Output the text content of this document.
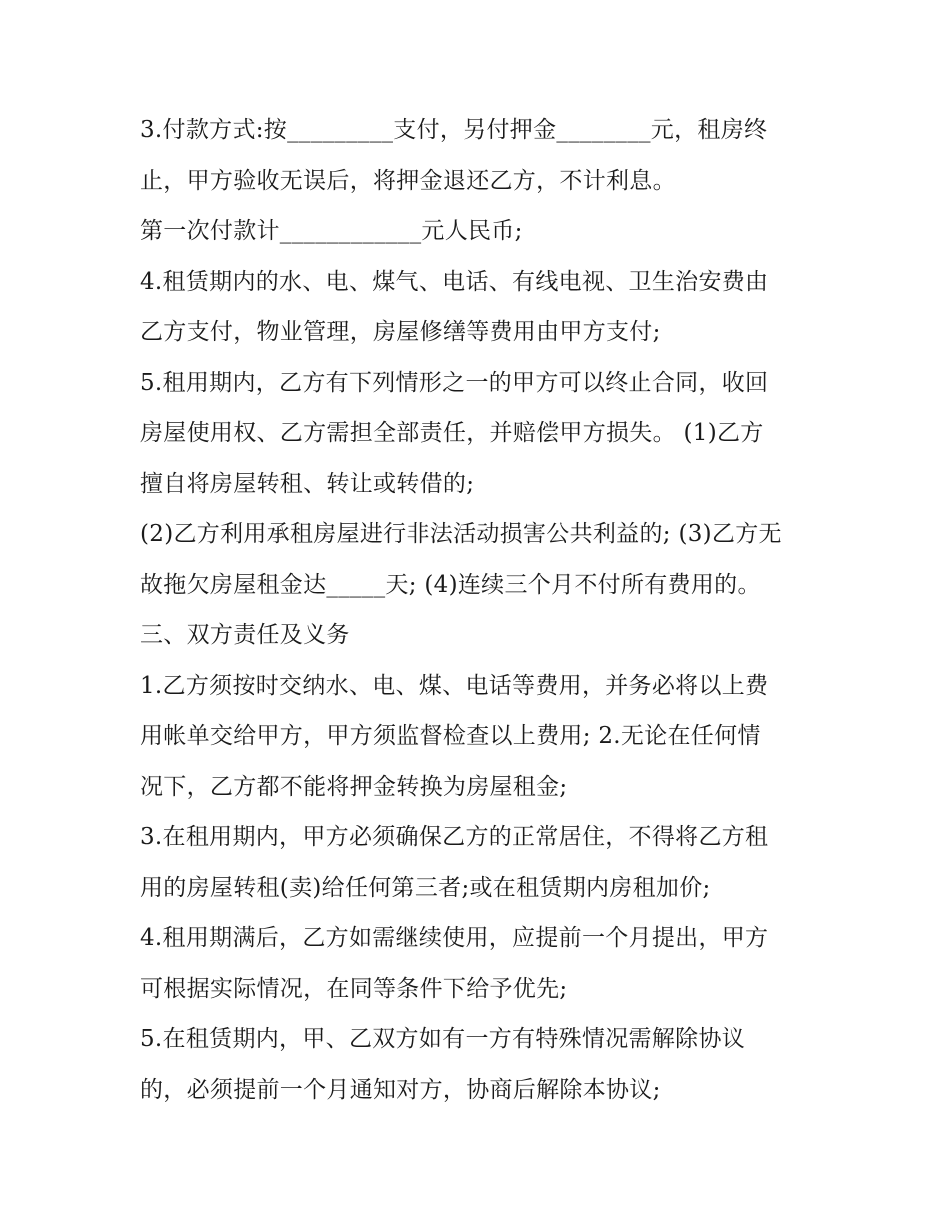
3.付款方式:按_________支付，另付押金________元，租房终
止，甲方验收无误后，将押金退还乙方，不计利息。
第一次付款计____________元人民币;
4.租赁期内的水、电、煤气、电话、有线电视、卫生治安费由
乙方支付，物业管理，房屋修缮等费用由甲方支付;
5.租用期内，乙方有下列情形之一的甲方可以终止合同，收回
房屋使用权、乙方需担全部责任，并赔偿甲方损失。 (1)乙方
擅自将房屋转租、转让或转借的;
(2)乙方利用承租房屋进行非法活动损害公共利益的; (3)乙方无
故拖欠房屋租金达_____天; (4)连续三个月不付所有费用的。
三、双方责任及义务
1.乙方须按时交纳水、电、煤、电话等费用，并务必将以上费
用帐单交给甲方，甲方须监督检查以上费用; 2.无论在任何情
况下，乙方都不能将押金转换为房屋租金;
3.在租用期内，甲方必须确保乙方的正常居住，不得将乙方租
用的房屋转租(卖)给任何第三者;或在租赁期内房租加价;
4.租用期满后，乙方如需继续使用，应提前一个月提出，甲方
可根据实际情况，在同等条件下给予优先;
5.在租赁期内，甲、乙双方如有一方有特殊情况需解除协议
的，必须提前一个月通知对方，协商后解除本协议;
